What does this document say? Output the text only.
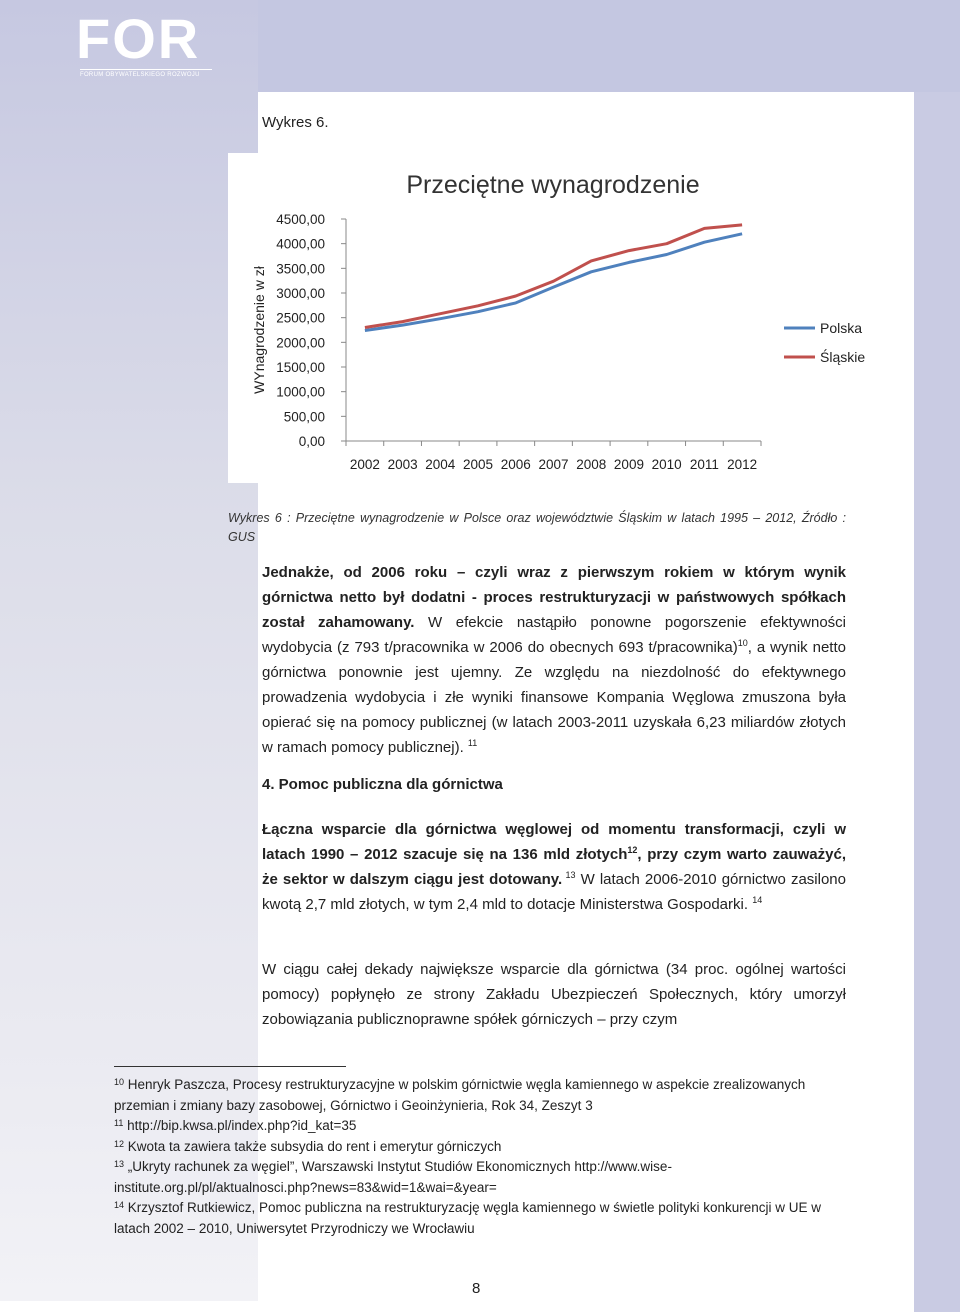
FOR
FORUM OBYWATELSKIEGO ROZWOJU
Wykres 6.
Przeciętne wynagrodzenie
WYnagrodzenie w zł
0,00
500,00
1000,00
1500,00
2000,00
2500,00
3000,00
3500,00
4000,00
4500,00
2002 2003 2004 2005 2006 2007 2008 2009 2010 2011 2012
Polska
Śląskie
Wykres 6 : Przeciętne wynagrodzenie w Polsce oraz województwie Śląskim w latach 1995 – 2012, Źródło : GUS
Jednakże, od 2006 roku – czyli wraz z pierwszym rokiem w którym wynik górnictwa netto był dodatni - proces restrukturyzacji w państwowych spółkach został zahamowany. W efekcie nastąpiło ponowne pogorszenie efektywności wydobycia (z 793 t/pracownika w 2006 do obecnych 693 t/pracownika)$^{10}$, a wynik netto górnictwa ponownie jest ujemny. Ze względu na niezdolność do efektywnego prowadzenia wydobycia i złe wyniki finansowe Kompania Węglowa zmuszona była opierać się na pomocy publicznej (w latach 2003-2011 uzyskała 6,23 miliardów złotych w ramach pomocy publicznej). $^{11}$
4. Pomoc publiczna dla górnictwa
Łączna wsparcie dla górnictwa węglowej od momentu transformacji, czyli w latach 1990 – 2012 szacuje się na 136 mld złotych$^{12}$, przy czym warto zauważyć, że sektor w dalszym ciągu jest dotowany. $^{13}$ W latach 2006-2010 górnictwo zasilono kwotą 2,7 mld złotych, w tym 2,4 mld to dotacje Ministerstwa Gospodarki. $^{14}$
W ciągu całej dekady największe wsparcie dla górnictwa (34 proc. ogólnej wartości pomocy) popłynęło ze strony Zakładu Ubezpieczeń Społecznych, który umorzył zobowiązania publicznoprawne spółek górniczych – przy czym
$^{10}$ Henryk Paszcza, Procesy restrukturyzacyjne w polskim górnictwie węgla kamiennego w aspekcie zrealizowanych przemian i zmiany bazy zasobowej, Górnictwo i Geoinżynieria, Rok 34, Zeszyt 3
$^{11}$ http://bip.kwsa.pl/index.php?id_kat=35
$^{12}$ Kwota ta zawiera także subsydia do rent i emerytur górniczych
$^{13}$ „Ukryty rachunek za węgiel”, Warszawski Instytut Studiów Ekonomicznych http://www.wise-institute.org.pl/pl/aktualnosci.php?news=83&wid=1&wai=&year=
$^{14}$ Krzysztof Rutkiewicz, Pomoc publiczna na restrukturyzację węgla kamiennego w świetle polityki konkurencji w UE w latach 2002 – 2010, Uniwersytet Przyrodniczy we Wrocławiu
8
